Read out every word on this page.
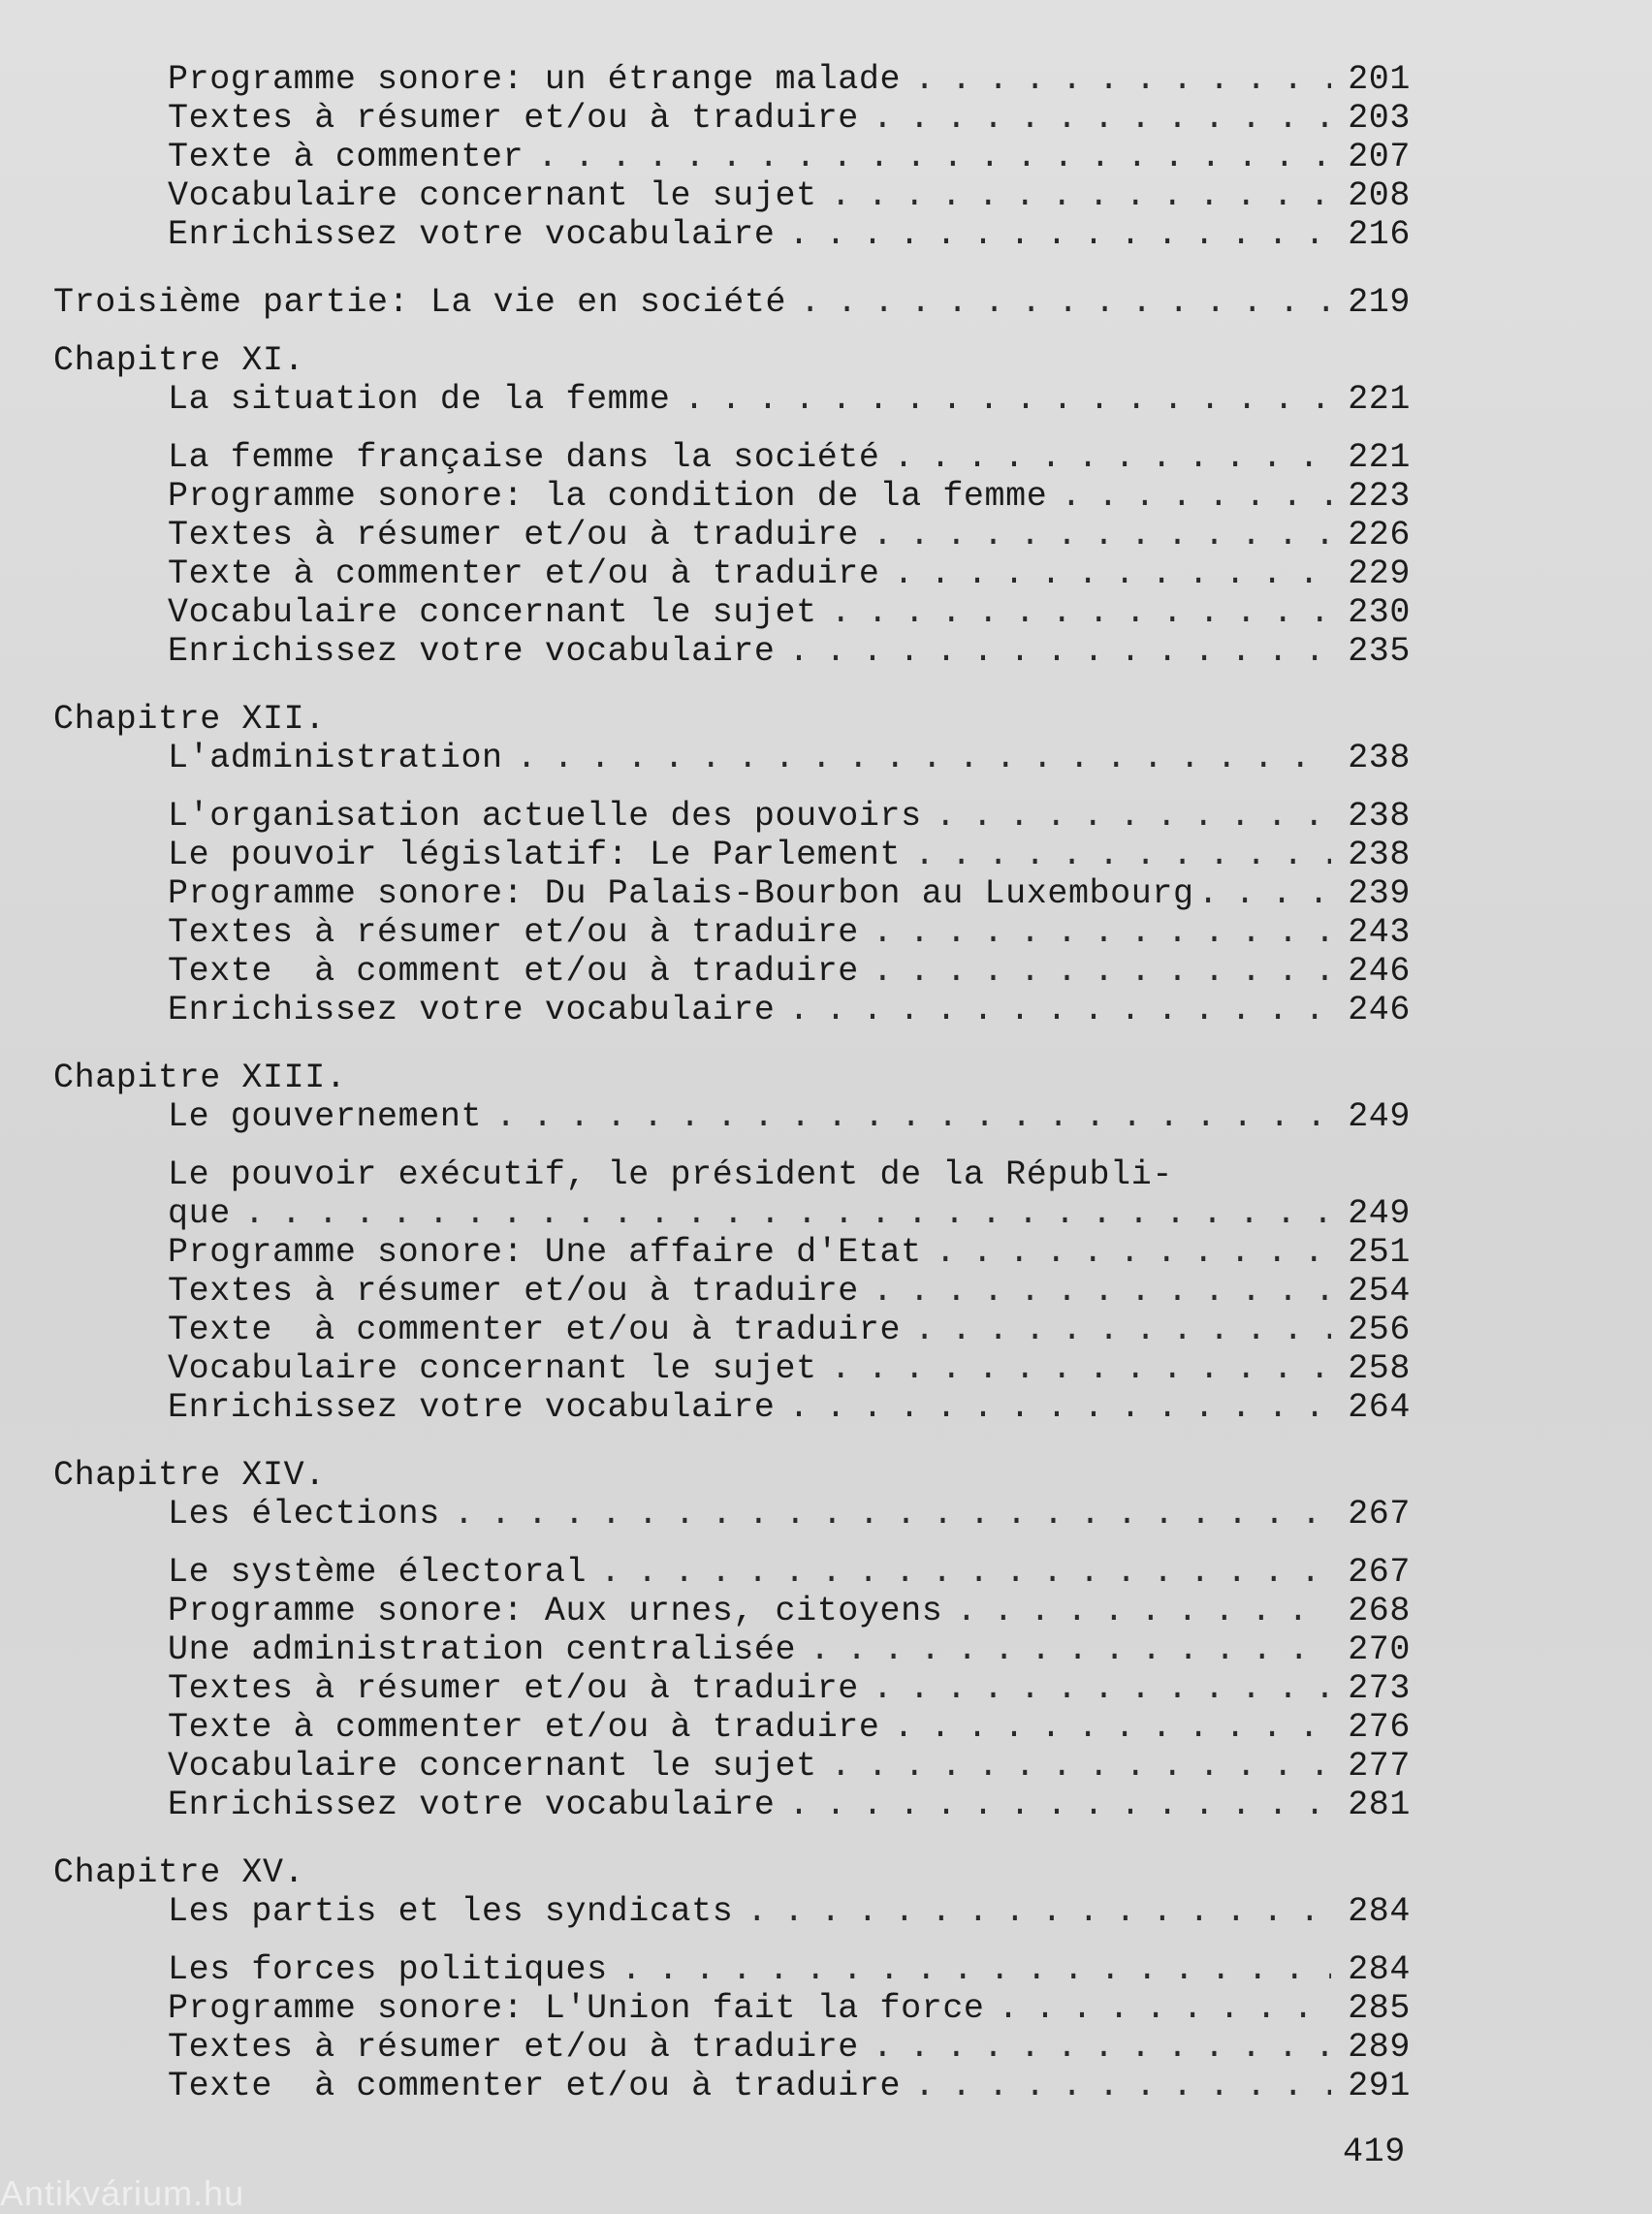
Programme sonore: un étrange malade . . .	201
Textes à résumer et/ou à traduire . . .	203
Texte à commenter . . .	207
Vocabulaire concernant le sujet . . .	208
Enrichissez votre vocabulaire . . .	216
Troisième partie: La vie en société . . .	219
Chapitre XI.
La situation de la femme . . .	221
La femme française dans la société . . .	221
Programme sonore: la condition de la femme . . .	223
Textes à résumer et/ou à traduire . . .	226
Texte à commenter et/ou à traduire . . .	229
Vocabulaire concernant le sujet . . .	230
Enrichissez votre vocabulaire . . .	235
Chapitre XII.
L'administration . . .	238
L'organisation actuelle des pouvoirs . . .	238
Le pouvoir législatif: Le Parlement . . .	238
Programme sonore: Du Palais-Bourbon au Luxembourg . . .	239
Textes à résumer et/ou à traduire . . .	243
Texte  à comment et/ou à traduire . . .	246
Enrichissez votre vocabulaire . . .	246
Chapitre XIII.
Le gouvernement . . .	249
Le pouvoir exécutif, le président de la Républi-
que . . .	249
Programme sonore: Une affaire d'Etat . . .	251
Textes à résumer et/ou à traduire . . .	254
Texte  à commenter et/ou à traduire . . .	256
Vocabulaire concernant le sujet . . .	258
Enrichissez votre vocabulaire . . .	264
Chapitre XIV.
Les élections . . .	267
Le système électoral . . .	267
Programme sonore: Aux urnes, citoyens . . .	268
Une administration centralisée . . .	270
Textes à résumer et/ou à traduire . . .	273
Texte à commenter et/ou à traduire . . .	276
Vocabulaire concernant le sujet . . .	277
Enrichissez votre vocabulaire . . .	281
Chapitre XV.
Les partis et les syndicats . . .	284
Les forces politiques . . .	284
Programme sonore: L'Union fait la force . . .	285
Textes à résumer et/ou à traduire . . .	289
Texte  à commenter et/ou à traduire . . .	291
419
Antikvárium.hu
